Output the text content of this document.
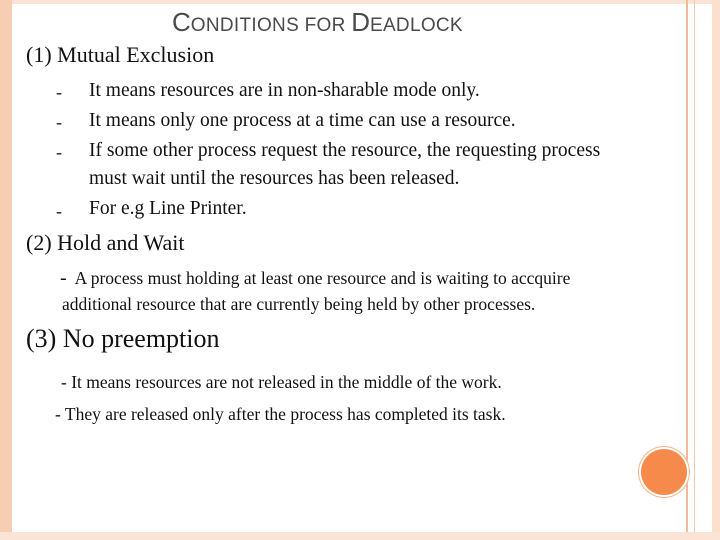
CONDITIONS FOR DEADLOCK
(1) Mutual Exclusion
- It means resources are in non-sharable mode only.
- It means only one process at a time can use a resource.
- If some other process request the resource, the requesting process
must wait until the resources has been released.
- For e.g Line Printer.
(2) Hold and Wait
- A process must holding at least one resource and is waiting to accquire
additional resource that are currently being held by other processes.
(3) No preemption
- It means resources are not released in the middle of the work.
- They are released only after the process has completed its task.
